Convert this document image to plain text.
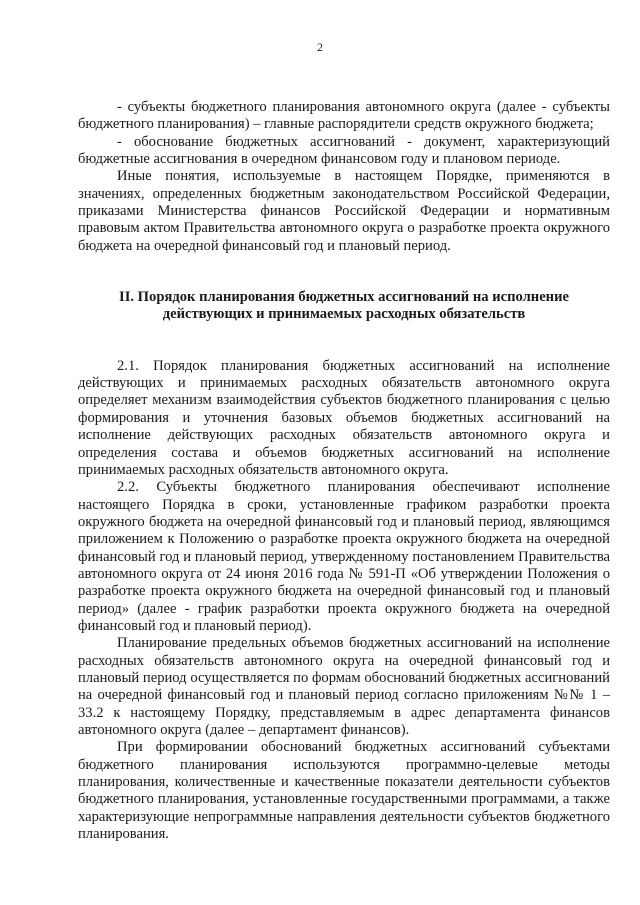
2

- субъекты бюджетного планирования автономного округа (далее - субъекты бюджетного планирования) – главные распорядители средств окружного бюджета;

- обоснование бюджетных ассигнований - документ, характеризующий бюджетные ассигнования в очередном финансовом году и плановом периоде.

Иные понятия, используемые в настоящем Порядке, применяются в значениях, определенных бюджетным законодательством Российской Федерации, приказами Министерства финансов Российской Федерации и нормативным правовым актом Правительства автономного округа о разработке проекта окружного бюджета на очередной финансовый год и плановый период.

II. Порядок планирования бюджетных ассигнований на исполнение действующих и принимаемых расходных обязательств

2.1. Порядок планирования бюджетных ассигнований на исполнение действующих и принимаемых расходных обязательств автономного округа определяет механизм взаимодействия субъектов бюджетного планирования с целью формирования и уточнения базовых объемов бюджетных ассигнований на исполнение действующих расходных обязательств автономного округа и определения состава и объемов бюджетных ассигнований на исполнение принимаемых расходных обязательств автономного округа.

2.2. Субъекты бюджетного планирования обеспечивают исполнение настоящего Порядка в сроки, установленные графиком разработки проекта окружного бюджета на очередной финансовый год и плановый период, являющимся приложением к Положению о разработке проекта окружного бюджета на очередной финансовый год и плановый период, утвержденному постановлением Правительства автономного округа от 24 июня 2016 года № 591-П «Об утверждении Положения о разработке проекта окружного бюджета на очередной финансовый год и плановый период» (далее - график разработки проекта окружного бюджета на очередной финансовый год и плановый период).

Планирование предельных объемов бюджетных ассигнований на исполнение расходных обязательств автономного округа на очередной финансовый год и плановый период осуществляется по формам обоснований бюджетных ассигнований на очередной финансовый год и плановый период согласно приложениям №№ 1 – 33.2 к настоящему Порядку, представляемым в адрес департамента финансов автономного округа (далее – департамент финансов).

При формировании обоснований бюджетных ассигнований субъектами бюджетного планирования используются программно-целевые методы планирования, количественные и качественные показатели деятельности субъектов бюджетного планирования, установленные государственными программами, а также характеризующие непрограммные направления деятельности субъектов бюджетного планирования.
